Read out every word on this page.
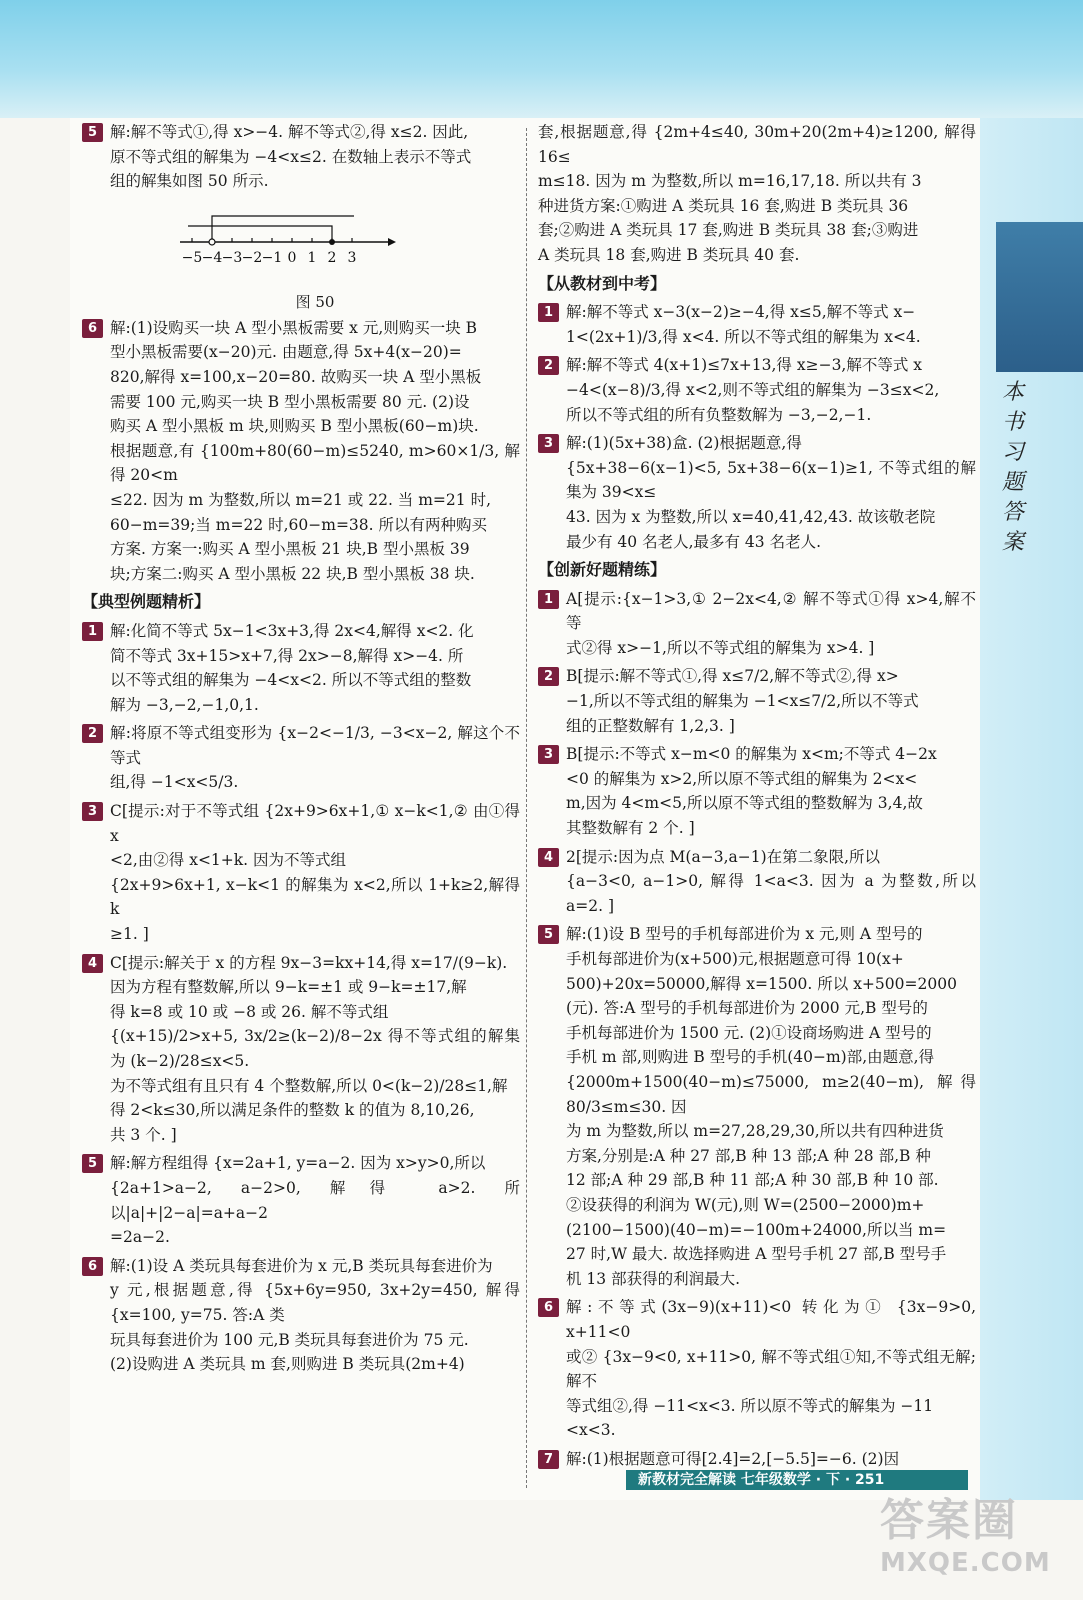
本
书
习
题
答
案
5 解:解不等式①,得 x>−4. 解不等式②,得 x≤2. 因此,
原不等式组的解集为 −4<x≤2. 在数轴上表示不等式
组的解集如图 50 所示.
−5 −4 −3 −2 −1 0 1 2 3
图 50
6 解:(1)设购买一块 A 型小黑板需要 x 元,则购买一块 B
型小黑板需要(x−20)元. 由题意,得 5x+4(x−20)=
820,解得 x=100,x−20=80. 故购买一块 A 型小黑板
需要 100 元,购买一块 B 型小黑板需要 80 元. (2)设
购买 A 型小黑板 m 块,则购买 B 型小黑板(60−m)块.
根据题意,有 {100m+80(60−m)≤5240, m>60×1/3, 解得 20<m
≤22. 因为 m 为整数,所以 m=21 或 22. 当 m=21 时,
60−m=39;当 m=22 时,60−m=38. 所以有两种购买
方案. 方案一:购买 A 型小黑板 21 块,B 型小黑板 39
块;方案二:购买 A 型小黑板 22 块,B 型小黑板 38 块.
【典型例题精析】
1 解:化简不等式 5x−1<3x+3,得 2x<4,解得 x<2. 化
简不等式 3x+15>x+7,得 2x>−8,解得 x>−4. 所
以不等式组的解集为 −4<x<2. 所以不等式组的整数
解为 −3,−2,−1,0,1.
2 解:将原不等式组变形为 {x−2<−1/3, −3<x−2, 解这个不等式
组,得 −1<x<5/3.
3 C[提示:对于不等式组 {2x+9>6x+1,① x−k<1,② 由①得 x
<2,由②得 x<1+k. 因为不等式组
{2x+9>6x+1, x−k<1 的解集为 x<2,所以 1+k≥2,解得 k
≥1. ]
4 C[提示:解关于 x 的方程 9x−3=kx+14,得 x=17/(9−k).
因为方程有整数解,所以 9−k=±1 或 9−k=±17,解
得 k=8 或 10 或 −8 或 26. 解不等式组
{(x+15)/2>x+5, 3x/2≥(k−2)/8−2x 得不等式组的解集为 (k−2)/28≤x<5.
为不等式组有且只有 4 个整数解,所以 0<(k−2)/28≤1,解
得 2<k≤30,所以满足条件的整数 k 的值为 8,10,26,
共 3 个. ]
5 解:解方程组得 {x=2a+1, y=a−2. 因为 x>y>0,所以
{2a+1>a−2, a−2>0, 解得 a>2. 所以|a|+|2−a|=a+a−2
=2a−2.
6 解:(1)设 A 类玩具每套进价为 x 元,B 类玩具每套进价为
y 元,根据题意,得 {5x+6y=950, 3x+2y=450, 解得 {x=100, y=75. 答:A 类
玩具每套进价为 100 元,B 类玩具每套进价为 75 元.
(2)设购进 A 类玩具 m 套,则购进 B 类玩具(2m+4)
套,根据题意,得 {2m+4≤40, 30m+20(2m+4)≥1200, 解得 16≤
m≤18. 因为 m 为整数,所以 m=16,17,18. 所以共有 3
种进货方案:①购进 A 类玩具 16 套,购进 B 类玩具 36
套;②购进 A 类玩具 17 套,购进 B 类玩具 38 套;③购进
A 类玩具 18 套,购进 B 类玩具 40 套.
【从教材到中考】
1 解:解不等式 x−3(x−2)≥−4,得 x≤5,解不等式 x−
1<(2x+1)/3,得 x<4. 所以不等式组的解集为 x<4.
2 解:解不等式 4(x+1)≤7x+13,得 x≥−3,解不等式 x
−4<(x−8)/3,得 x<2,则不等式组的解集为 −3≤x<2,
所以不等式组的所有负整数解为 −3,−2,−1.
3 解:(1)(5x+38)盒. (2)根据题意,得
{5x+38−6(x−1)<5, 5x+38−6(x−1)≥1, 不等式组的解集为 39<x≤
43. 因为 x 为整数,所以 x=40,41,42,43. 故该敬老院
最少有 40 名老人,最多有 43 名老人.
【创新好题精练】
1 A[提示:{x−1>3,① 2−2x<4,② 解不等式①得 x>4,解不等
式②得 x>−1,所以不等式组的解集为 x>4. ]
2 B[提示:解不等式①,得 x≤7/2,解不等式②,得 x>
−1,所以不等式组的解集为 −1<x≤7/2,所以不等式
组的正整数解有 1,2,3. ]
3 B[提示:不等式 x−m<0 的解集为 x<m;不等式 4−2x
<0 的解集为 x>2,所以原不等式组的解集为 2<x<
m,因为 4<m<5,所以原不等式组的整数解为 3,4,故
其整数解有 2 个. ]
4 2[提示:因为点 M(a−3,a−1)在第二象限,所以
{a−3<0, a−1>0, 解得 1<a<3. 因为 a 为整数,所以 a=2. ]
5 解:(1)设 B 型号的手机每部进价为 x 元,则 A 型号的
手机每部进价为(x+500)元,根据题意可得 10(x+
500)+20x=50000,解得 x=1500. 所以 x+500=2000
(元). 答:A 型号的手机每部进价为 2000 元,B 型号的
手机每部进价为 1500 元. (2)①设商场购进 A 型号的
手机 m 部,则购进 B 型号的手机(40−m)部,由题意,得
{2000m+1500(40−m)≤75000, m≥2(40−m), 解得 80/3≤m≤30. 因
为 m 为整数,所以 m=27,28,29,30,所以共有四种进货
方案,分别是:A 种 27 部,B 种 13 部;A 种 28 部,B 种
12 部;A 种 29 部,B 种 11 部;A 种 30 部,B 种 10 部.
②设获得的利润为 W(元),则 W=(2500−2000)m+
(2100−1500)(40−m)=−100m+24000,所以当 m=
27 时,W 最大. 故选择购进 A 型号手机 27 部,B 型号手
机 13 部获得的利润最大.
6 解:不等式(3x−9)(x+11)<0 转化为① {3x−9>0, x+11<0
或② {3x−9<0, x+11>0, 解不等式组①知,不等式组无解;解不
等式组②,得 −11<x<3. 所以原不等式的解集为 −11
<x<3.
7 解:(1)根据题意可得[2.4]=2,[−5.5]=−6. (2)因
新教材完全解读 七年级数学 · 下 · 251
答案圈
MXQE.COM
